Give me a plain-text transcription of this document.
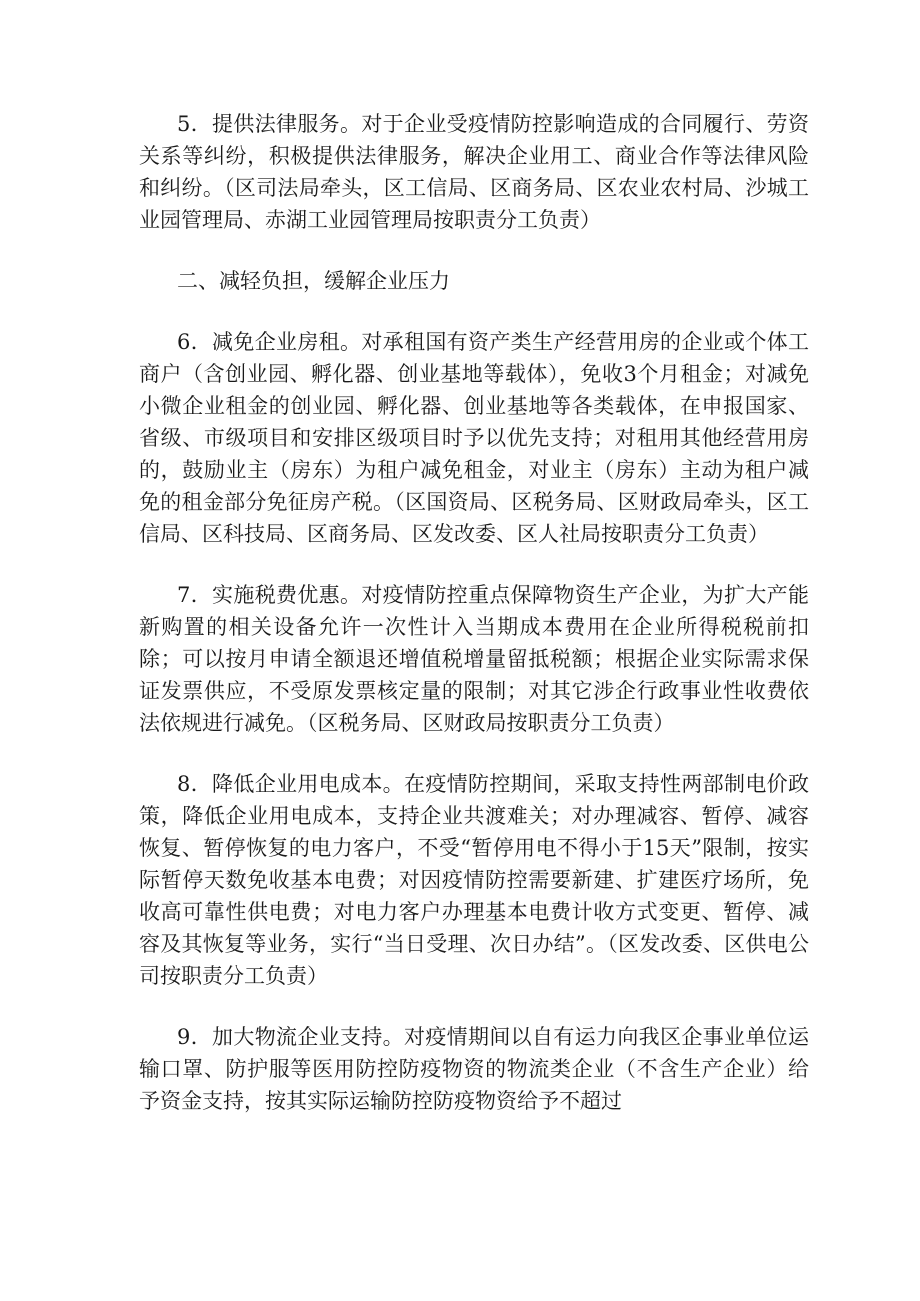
5．提供法律服务。对于企业受疫情防控影响造成的合同履行、劳资关系等纠纷，积极提供法律服务，解决企业用工、商业合作等法律风险和纠纷。（区司法局牵头，区工信局、区商务局、区农业农村局、沙城工业园管理局、赤湖工业园管理局按职责分工负责）

二、减轻负担，缓解企业压力

6．减免企业房租。对承租国有资产类生产经营用房的企业或个体工商户（含创业园、孵化器、创业基地等载体），免收3个月租金；对减免小微企业租金的创业园、孵化器、创业基地等各类载体，在申报国家、省级、市级项目和安排区级项目时予以优先支持；对租用其他经营用房的，鼓励业主（房东）为租户减免租金，对业主（房东）主动为租户减免的租金部分免征房产税。（区国资局、区税务局、区财政局牵头，区工信局、区科技局、区商务局、区发改委、区人社局按职责分工负责）

7．实施税费优惠。对疫情防控重点保障物资生产企业，为扩大产能新购置的相关设备允许一次性计入当期成本费用在企业所得税税前扣除；可以按月申请全额退还增值税增量留抵税额；根据企业实际需求保证发票供应，不受原发票核定量的限制；对其它涉企行政事业性收费依法依规进行减免。（区税务局、区财政局按职责分工负责）

8．降低企业用电成本。在疫情防控期间，采取支持性两部制电价政策，降低企业用电成本，支持企业共渡难关；对办理减容、暂停、减容恢复、暂停恢复的电力客户，不受“暂停用电不得小于15天”限制，按实际暂停天数免收基本电费；对因疫情防控需要新建、扩建医疗场所，免收高可靠性供电费；对电力客户办理基本电费计收方式变更、暂停、减容及其恢复等业务，实行“当日受理、次日办结”。（区发改委、区供电公司按职责分工负责）

9．加大物流企业支持。对疫情期间以自有运力向我区企事业单位运输口罩、防护服等医用防控防疫物资的物流类企业（不含生产企业）给予资金支持，按其实际运输防控防疫物资给予不超过
